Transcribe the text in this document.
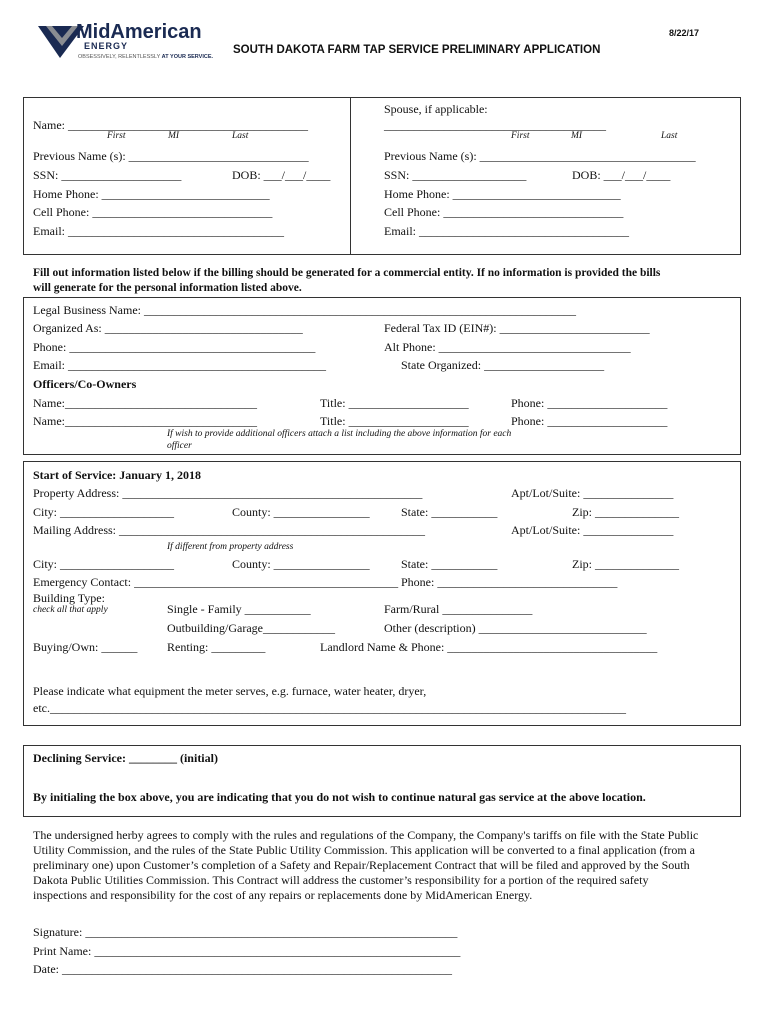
MidAmerican
ENERGY
OBSESSIVELY, RELENTLESSLY AT YOUR SERVICE.
8/22/17
SOUTH DAKOTA FARM TAP SERVICE PRELIMINARY APPLICATION
Name: ________________________________________
First	MI	Last
Previous Name (s): ______________________________
SSN: ____________________	DOB: ___/___/____
Home Phone: ____________________________
Cell Phone: ______________________________
Email: ____________________________________
Spouse, if applicable:
_____________________________________
First	MI	Last
Previous Name (s): ____________________________________
SSN: ___________________	DOB: ___/___/____
Home Phone: ____________________________
Cell Phone: ______________________________
Email: ___________________________________
Fill out information listed below if the billing should be generated for a commercial entity. If no information is provided the bills
will generate for the personal information listed above.
Legal Business Name: ________________________________________________________________________
Organized As: _________________________________	Federal Tax ID (EIN#): _________________________
Phone: _________________________________________	Alt Phone: ________________________________
Email: ___________________________________________	State Organized: ____________________
Officers/Co-Owners
Name:________________________________	Title: ____________________	Phone: ____________________
Name:________________________________	Title: ____________________	Phone: ____________________
If wish to provide additional officers attach a list including the above information for each
officer
Start of Service: January 1, 2018
Property Address: __________________________________________________	Apt/Lot/Suite: _______________
City: ___________________	County: ________________	State: ___________	Zip: ______________
Mailing Address: ___________________________________________________	Apt/Lot/Suite: _______________
If different from property address
City: ___________________	County: ________________	State: ___________	Zip: ______________
Emergency Contact: ____________________________________________ Phone: ______________________________
Building Type:
check all that apply	Single - Family ___________	Farm/Rural _______________
Outbuilding/Garage____________	Other (description) ____________________________
Buying/Own: ______ Renting: _________	Landlord Name & Phone: ___________________________________
Please indicate what equipment the meter serves, e.g. furnace, water heater, dryer,
etc.________________________________________________________________________________________________
Declining Service: ________ (initial)
By initialing the box above, you are indicating that you do not wish to continue natural gas service at the above location.
The undersigned herby agrees to comply with the rules and regulations of the Company, the Company's tariffs on file with the State Public
Utility Commission, and the rules of the State Public Utility Commission. This application will be converted to a final application (from a
preliminary one) upon Customer’s completion of a Safety and Repair/Replacement Contract that will be filed and approved by the South
Dakota Public Utilities Commission. This Contract will address the customer’s responsibility for a portion of the required safety
inspections and responsibility for the cost of any repairs or replacements done by MidAmerican Energy.
Signature: ______________________________________________________________
Print Name: _____________________________________________________________
Date: _________________________________________________________________
